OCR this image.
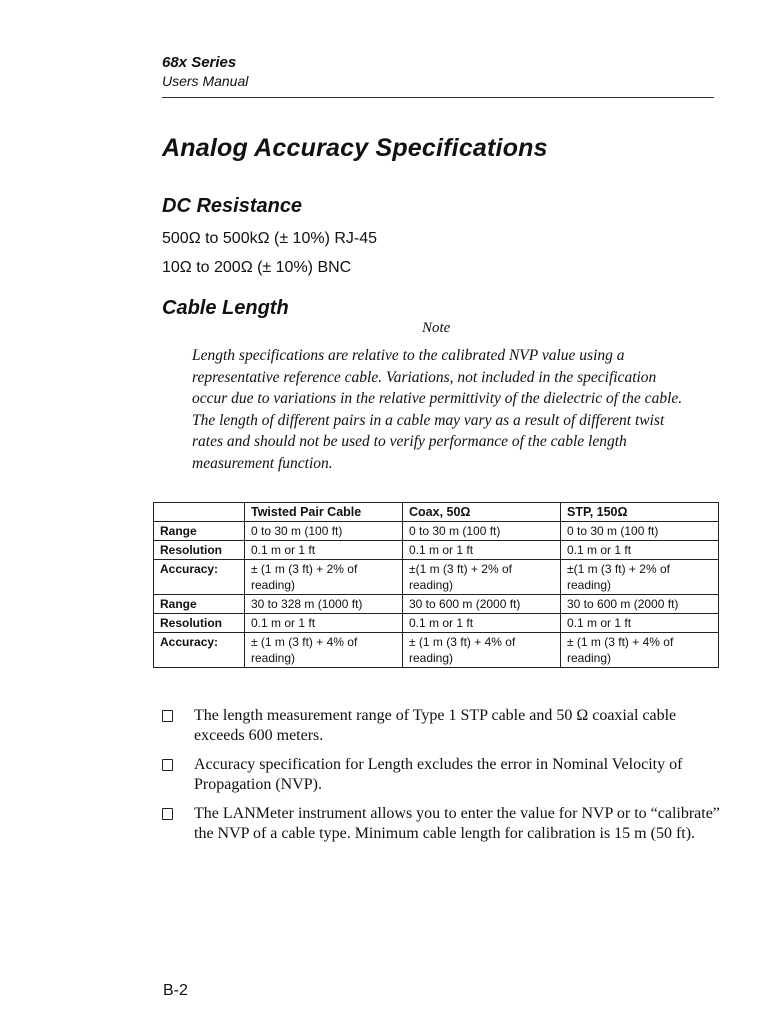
68x Series

Users Manual

Analog Accuracy Specifications
DC Resistance

500Ω to 500kΩ (± 10%) RJ-45

10Ω to 200Ω (± 10%) BNC

Cable Length

Note

Length specifications are relative to the calibrated NVP value using a representative reference cable. Variations, not included in the specification occur due to variations in the relative permittivity of the dielectric of the cable. The length of different pairs in a cable may vary as a result of different twist rates and should not be used to verify performance of the cable length measurement function.

	Twisted Pair Cable	Coax, 50Ω	STP, 150Ω
Range	0 to 30 m (100 ft)	0 to 30 m (100 ft)	0 to 30 m (100 ft)
Resolution	0.1 m or 1 ft	0.1 m or 1 ft	0.1 m or 1 ft
Accuracy:	± (1 m (3 ft) + 2% of reading)	±(1 m (3 ft) + 2% of reading)	±(1 m (3 ft) + 2% of reading)
Range	30 to 328 m (1000 ft)	30 to 600 m (2000 ft)	30 to 600 m (2000 ft)
Resolution	0.1 m or 1 ft	0.1 m or 1 ft	0.1 m or 1 ft
Accuracy:	± (1 m (3 ft) + 4% of reading)	± (1 m (3 ft) + 4% of reading)	± (1 m (3 ft) + 4% of reading)
The length measurement range of Type 1 STP cable and 50 Ω coaxial cable exceeds 600 meters.
Accuracy specification for Length excludes the error in Nominal Velocity of Propagation (NVP).
The LANMeter instrument allows you to enter the value for NVP or to “calibrate” the NVP of a cable type. Minimum cable length for calibration is 15 m (50 ft).

B-2
